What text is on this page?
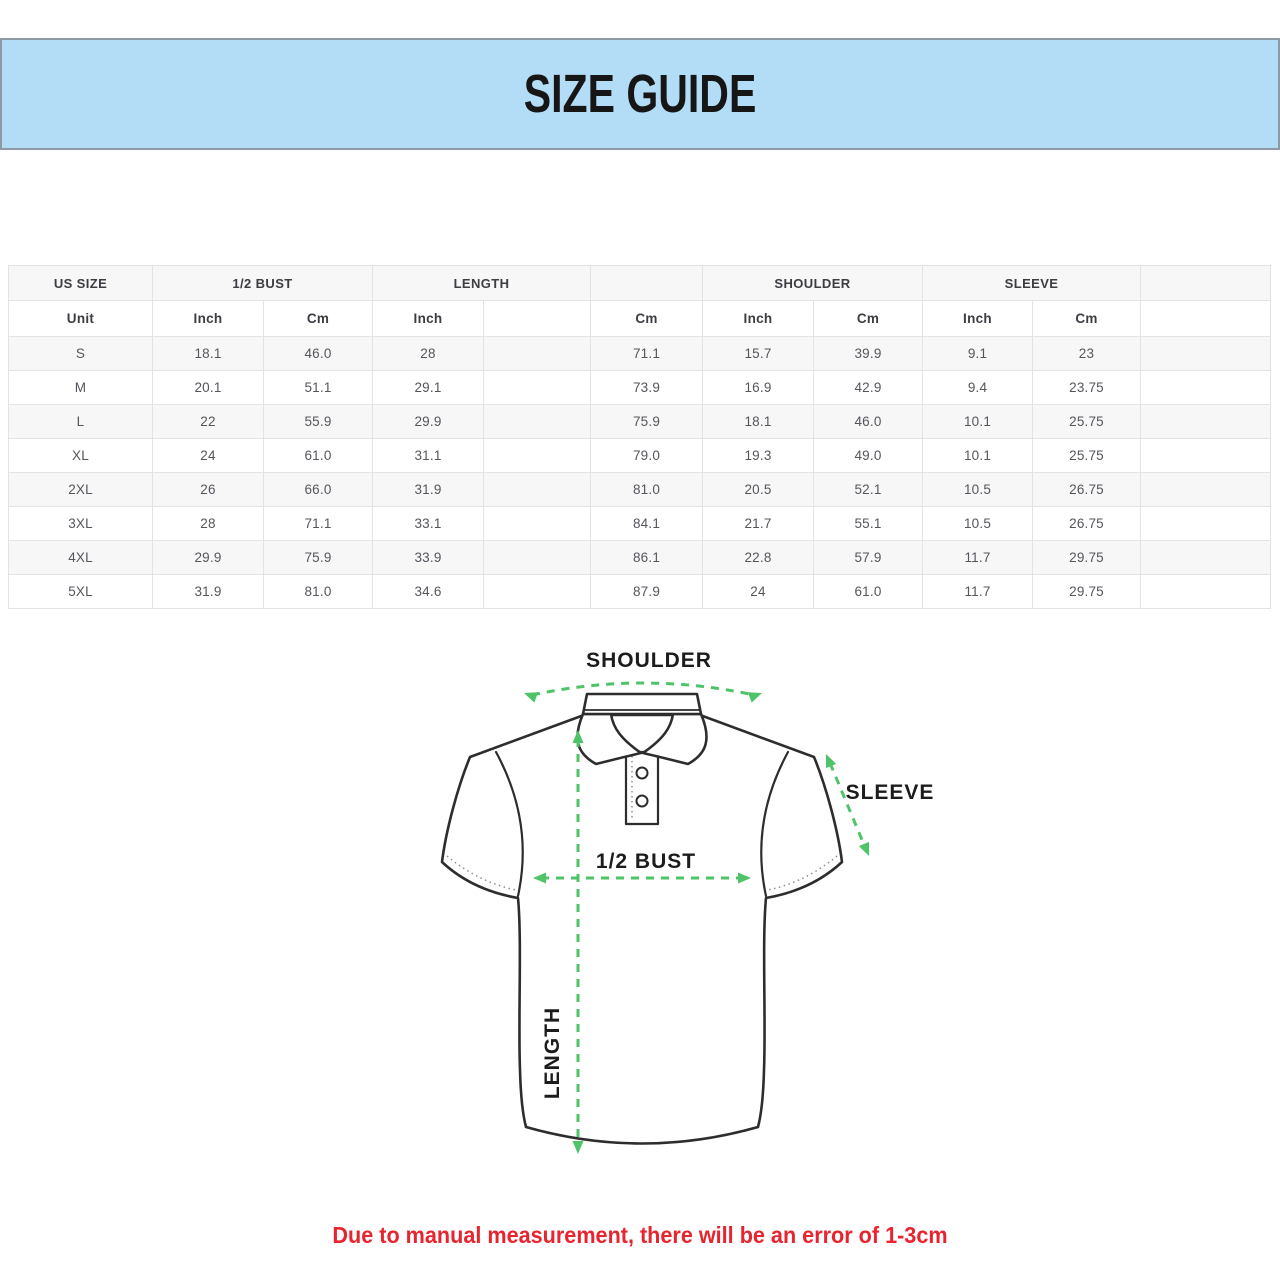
SIZE GUIDE
US SIZE	1/2 BUST		LENGTH			SHOULDER		SLEEVE		
Unit	Inch	Cm	Inch		Cm	Inch	Cm	Inch	Cm	
S	18.1	46.0	28		71.1	15.7	39.9	9.1	23	
M	20.1	51.1	29.1		73.9	16.9	42.9	9.4	23.75	
L	22	55.9	29.9		75.9	18.1	46.0	10.1	25.75	
XL	24	61.0	31.1		79.0	19.3	49.0	10.1	25.75	
2XL	26	66.0	31.9		81.0	20.5	52.1	10.5	26.75	
3XL	28	71.1	33.1		84.1	21.7	55.1	10.5	26.75	
4XL	29.9	75.9	33.9		86.1	22.8	57.9	11.7	29.75	
5XL	31.9	81.0	34.6		87.9	24	61.0	11.7	29.75	
SHOULDER
LENGTH
1/2 BUST
SLEEVE
Due to manual measurement, there will be an error of 1-3cm
